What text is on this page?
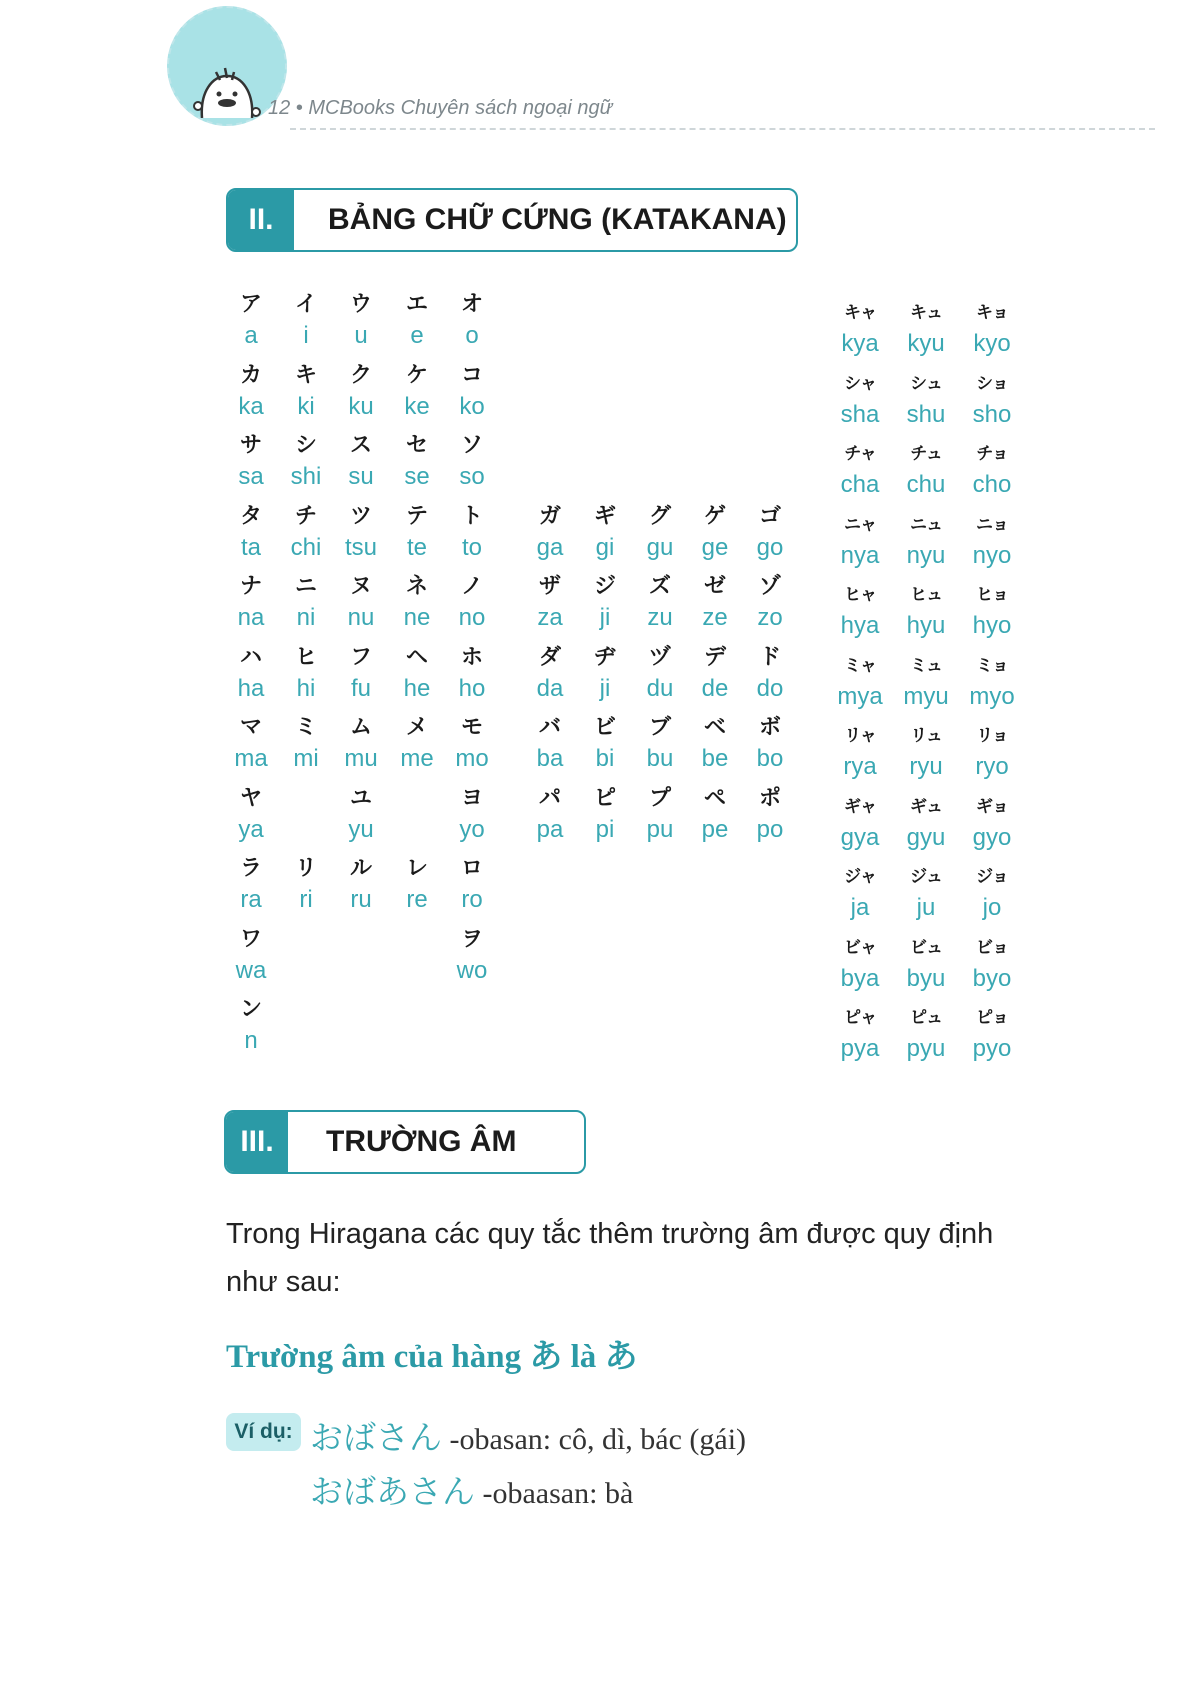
12 • MCBooks Chuyên sách ngoại ngữ
II.	BẢNG CHỮ CỨNG (KATAKANA)
ア
a
イ
i
ウ
u
エ
e
オ
o
カ
ka
キ
ki
ク
ku
ケ
ke
コ
ko
サ
sa
シ
shi
ス
su
セ
se
ソ
so
タ
ta
チ
chi
ツ
tsu
テ
te
ト
to
ナ
na
ニ
ni
ヌ
nu
ネ
ne
ノ
no
ハ
ha
ヒ
hi
フ
fu
ヘ
he
ホ
ho
マ
ma
ミ
mi
ム
mu
メ
me
モ
mo
ヤ
ya
ユ
yu
ヨ
yo
ラ
ra
リ
ri
ル
ru
レ
re
ロ
ro
ワ
wa
ヲ
wo
ン
n
ガ
ga
ギ
gi
グ
gu
ゲ
ge
ゴ
go
ザ
za
ジ
ji
ズ
zu
ゼ
ze
ゾ
zo
ダ
da
ヂ
ji
ヅ
du
デ
de
ド
do
バ
ba
ビ
bi
ブ
bu
ベ
be
ボ
bo
パ
pa
ピ
pi
プ
pu
ペ
pe
ポ
po
キャ
kya
キュ
kyu
キョ
kyo
シャ
sha
シュ
shu
ショ
sho
チャ
cha
チュ
chu
チョ
cho
ニャ
nya
ニュ
nyu
ニョ
nyo
ヒャ
hya
ヒュ
hyu
ヒョ
hyo
ミャ
mya
ミュ
myu
ミョ
myo
リャ
rya
リュ
ryu
リョ
ryo
ギャ
gya
ギュ
gyu
ギョ
gyo
ジャ
ja
ジュ
ju
ジョ
jo
ビャ
bya
ビュ
byu
ビョ
byo
ピャ
pya
ピュ
pyu
ピョ
pyo
III.	TRƯỜNG ÂM
Trong Hiragana các quy tắc thêm trường âm được quy định như sau:
Trường âm của hàng あ là あ
Ví dụ: おばさん -obasan: cô, dì, bác (gái)
おばあさん -obaasan: bà
